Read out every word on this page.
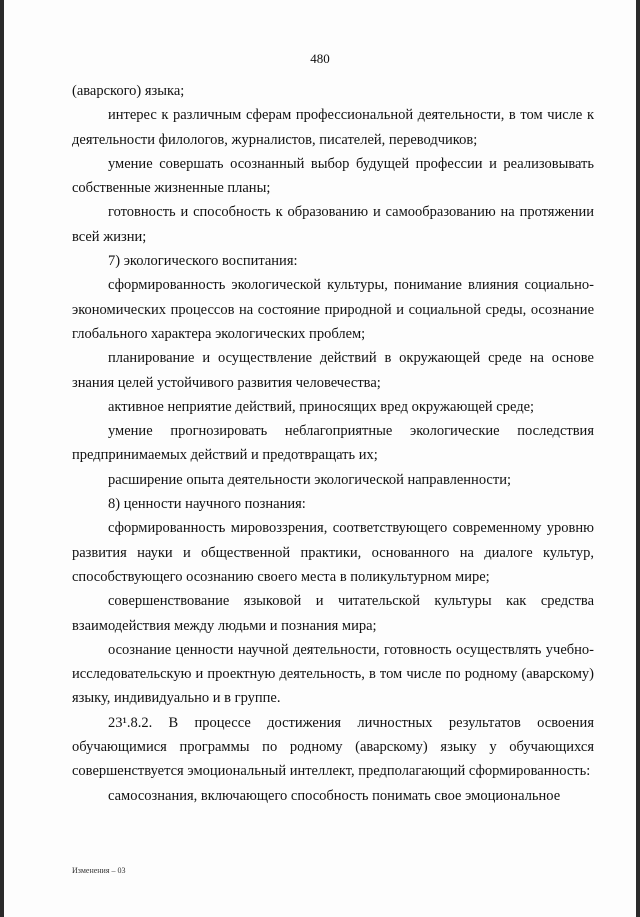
480

(аварского) языка;

интерес к различным сферам профессиональной деятельности, в том числе к деятельности филологов, журналистов, писателей, переводчиков;

умение совершать осознанный выбор будущей профессии и реализовывать собственные жизненные планы;

готовность и способность к образованию и самообразованию на протяжении всей жизни;

7) экологического воспитания:

сформированность экологической культуры, понимание влияния социально-экономических процессов на состояние природной и социальной среды, осознание глобального характера экологических проблем;

планирование и осуществление действий в окружающей среде на основе знания целей устойчивого развития человечества;

активное неприятие действий, приносящих вред окружающей среде;

умение прогнозировать неблагоприятные экологические последствия предпринимаемых действий и предотвращать их;

расширение опыта деятельности экологической направленности;

8) ценности научного познания:

сформированность мировоззрения, соответствующего современному уровню развития науки и общественной практики, основанного на диалоге культур, способствующего осознанию своего места в поликультурном мире;

совершенствование языковой и читательской культуры как средства взаимодействия между людьми и познания мира;

осознание ценности научной деятельности, готовность осуществлять учебно-исследовательскую и проектную деятельность, в том числе по родному (аварскому) языку, индивидуально и в группе.

23¹.8.2. В процессе достижения личностных результатов освоения обучающимися программы по родному (аварскому) языку у обучающихся совершенствуется эмоциональный интеллект, предполагающий сформированность:

самосознания, включающего способность понимать свое эмоциональное

Изменения – 03
